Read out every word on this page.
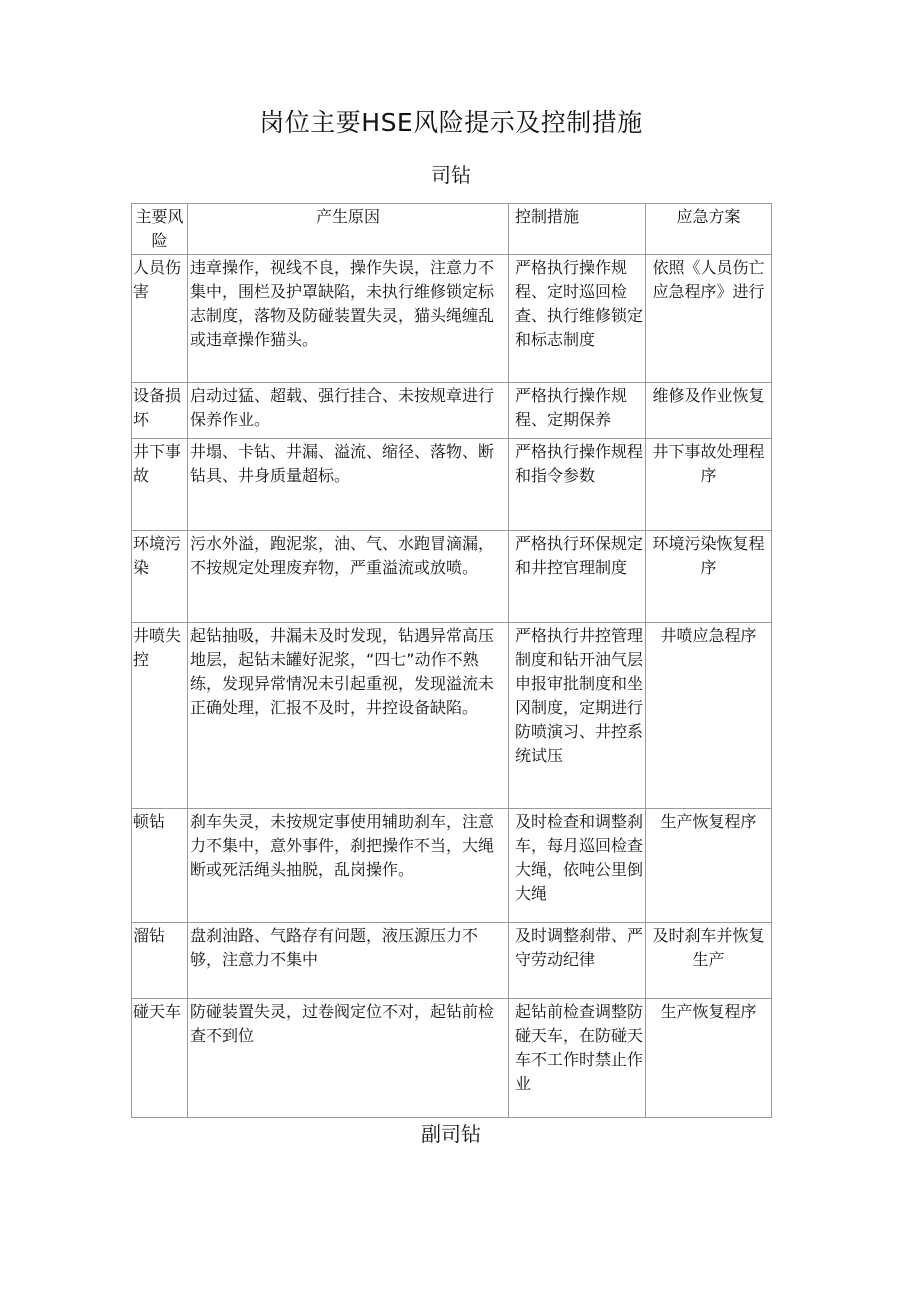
岗位主要HSE风险提示及控制措施
司钻
主要风险	产生原因	控制措施	应急方案
人员伤害	违章操作，视线不良，操作失误，注意力不集中，围栏及护罩缺陷，未执行维修锁定标志制度，落物及防碰装置失灵，猫头绳缠乱或违章操作猫头。	严格执行操作规程、定时巡回检查、执行维修锁定和标志制度	依照《人员伤亡应急程序》进行
设备损坏	启动过猛、超载、强行挂合、未按规章进行保养作业。	严格执行操作规程、定期保养	维修及作业恢复
井下事故	井塌、卡钻、井漏、溢流、缩径、落物、断钻具、井身质量超标。	严格执行操作规程和指令参数	井下事故处理程序
环境污染	污水外溢，跑泥浆，油、气、水跑冒滴漏，不按规定处理废弃物，严重溢流或放喷。	严格执行环保规定和井控官理制度	环境污染恢复程序
井喷失控	起钻抽吸，井漏未及时发现，钻遇异常高压地层，起钻未罐好泥浆，“四七”动作不熟练，发现异常情况未引起重视，发现溢流未正确处理，汇报不及时，井控设备缺陷。	严格执行井控管理制度和钻开油气层申报审批制度和坐冈制度，定期进行防喷演习、井控系统试压	井喷应急程序
顿钻	刹车失灵，未按规定事使用辅助刹车，注意力不集中，意外事件，刹把操作不当，大绳断或死活绳头抽脱，乱岗操作。	及时检查和调整刹车，每月巡回检查大绳，依吨公里倒大绳	生产恢复程序
溜钻	盘刹油路、气路存有问题，液压源压力不够，注意力不集中	及时调整刹带、严守劳动纪律	及时刹车并恢复生产
碰天车	防碰装置失灵，过卷阀定位不对，起钻前检查不到位	起钻前检查调整防碰天车，在防碰天车不工作时禁止作业	生产恢复程序
副司钻
